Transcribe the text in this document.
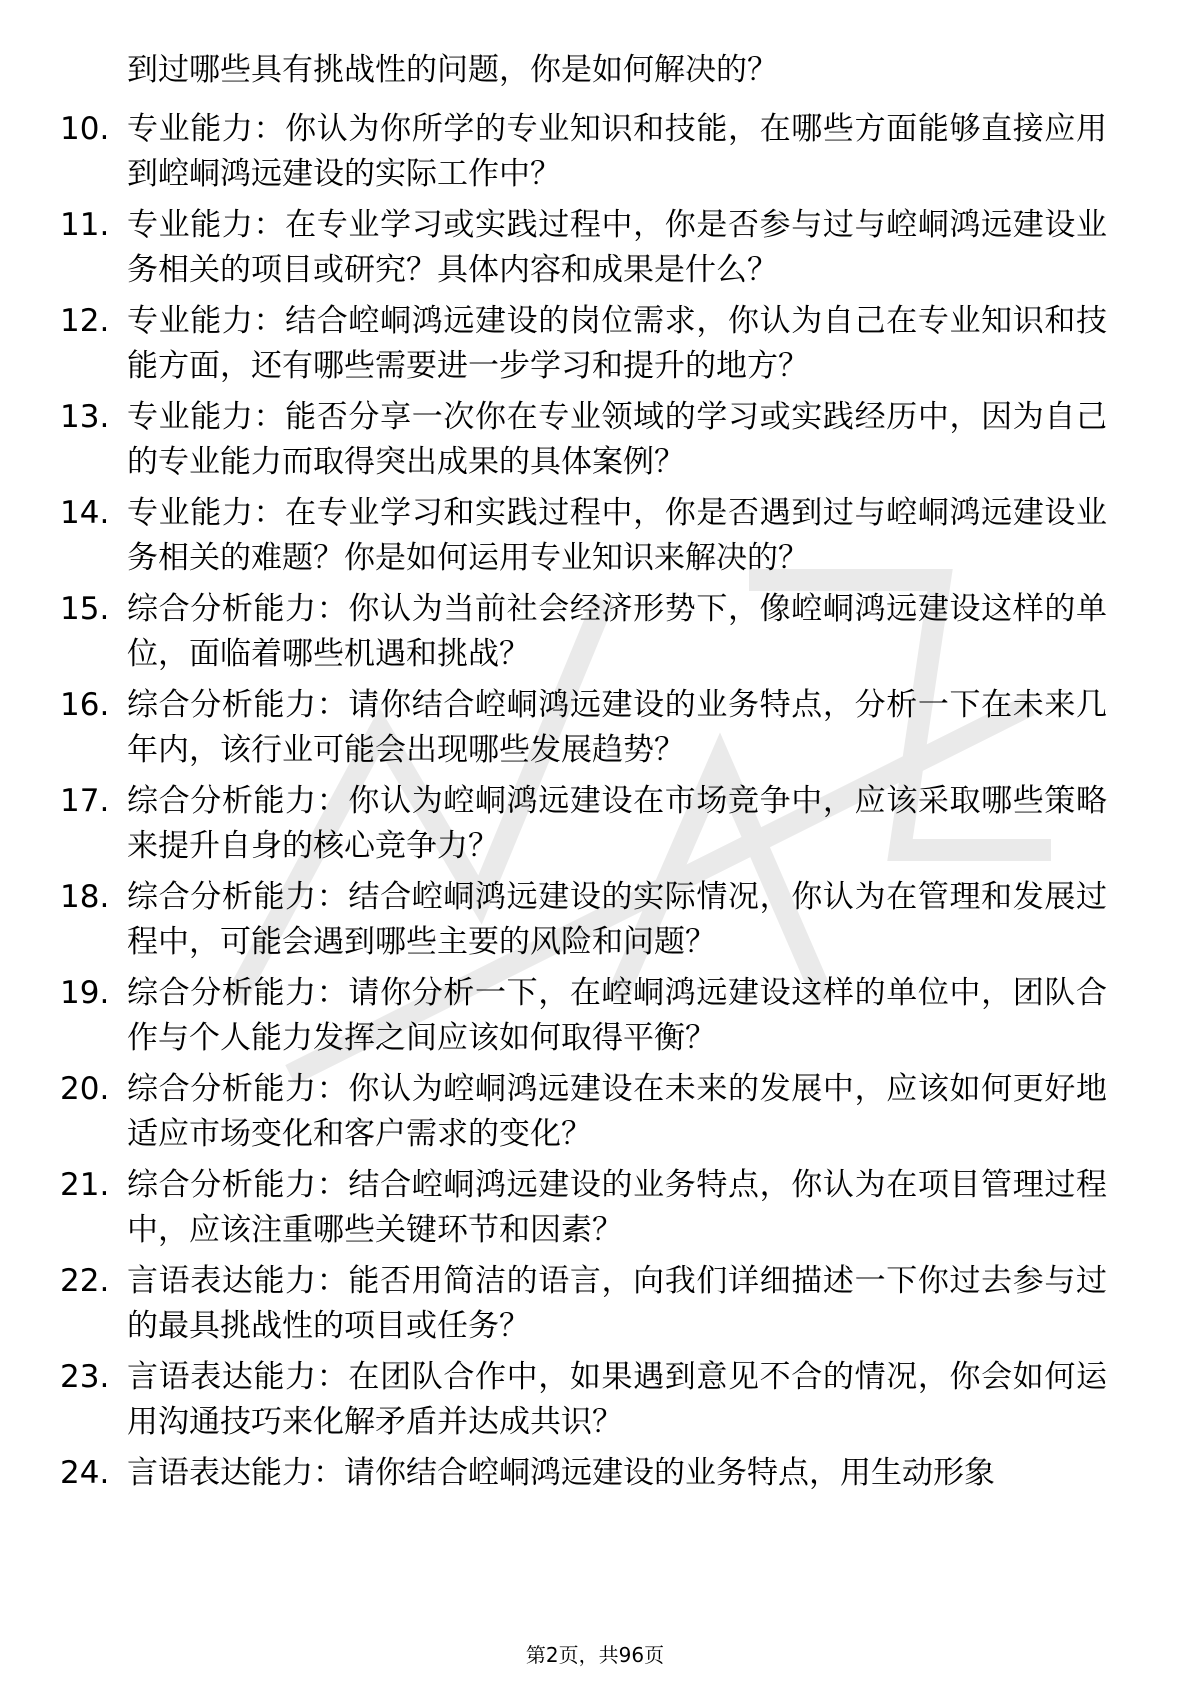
到过哪些具有挑战性的问题，你是如何解决的？
10. 专业能力：你认为你所学的专业知识和技能，在哪些方面能够直接应用到崆峒鸿远建设的实际工作中？
11. 专业能力：在专业学习或实践过程中，你是否参与过与崆峒鸿远建设业务相关的项目或研究？具体内容和成果是什么？
12. 专业能力：结合崆峒鸿远建设的岗位需求，你认为自己在专业知识和技能方面，还有哪些需要进一步学习和提升的地方？
13. 专业能力：能否分享一次你在专业领域的学习或实践经历中，因为自己的专业能力而取得突出成果的具体案例？
14. 专业能力：在专业学习和实践过程中，你是否遇到过与崆峒鸿远建设业务相关的难题？你是如何运用专业知识来解决的？
15. 综合分析能力：你认为当前社会经济形势下，像崆峒鸿远建设这样的单位，面临着哪些机遇和挑战？
16. 综合分析能力：请你结合崆峒鸿远建设的业务特点，分析一下在未来几年内，该行业可能会出现哪些发展趋势？
17. 综合分析能力：你认为崆峒鸿远建设在市场竞争中，应该采取哪些策略来提升自身的核心竞争力？
18. 综合分析能力：结合崆峒鸿远建设的实际情况，你认为在管理和发展过程中，可能会遇到哪些主要的风险和问题？
19. 综合分析能力：请你分析一下，在崆峒鸿远建设这样的单位中，团队合作与个人能力发挥之间应该如何取得平衡？
20. 综合分析能力：你认为崆峒鸿远建设在未来的发展中，应该如何更好地适应市场变化和客户需求的变化？
21. 综合分析能力：结合崆峒鸿远建设的业务特点，你认为在项目管理过程中，应该注重哪些关键环节和因素？
22. 言语表达能力：能否用简洁的语言，向我们详细描述一下你过去参与过的最具挑战性的项目或任务？
23. 言语表达能力：在团队合作中，如果遇到意见不合的情况，你会如何运用沟通技巧来化解矛盾并达成共识？
24. 言语表达能力：请你结合崆峒鸿远建设的业务特点，用生动形象
第2页，共96页
